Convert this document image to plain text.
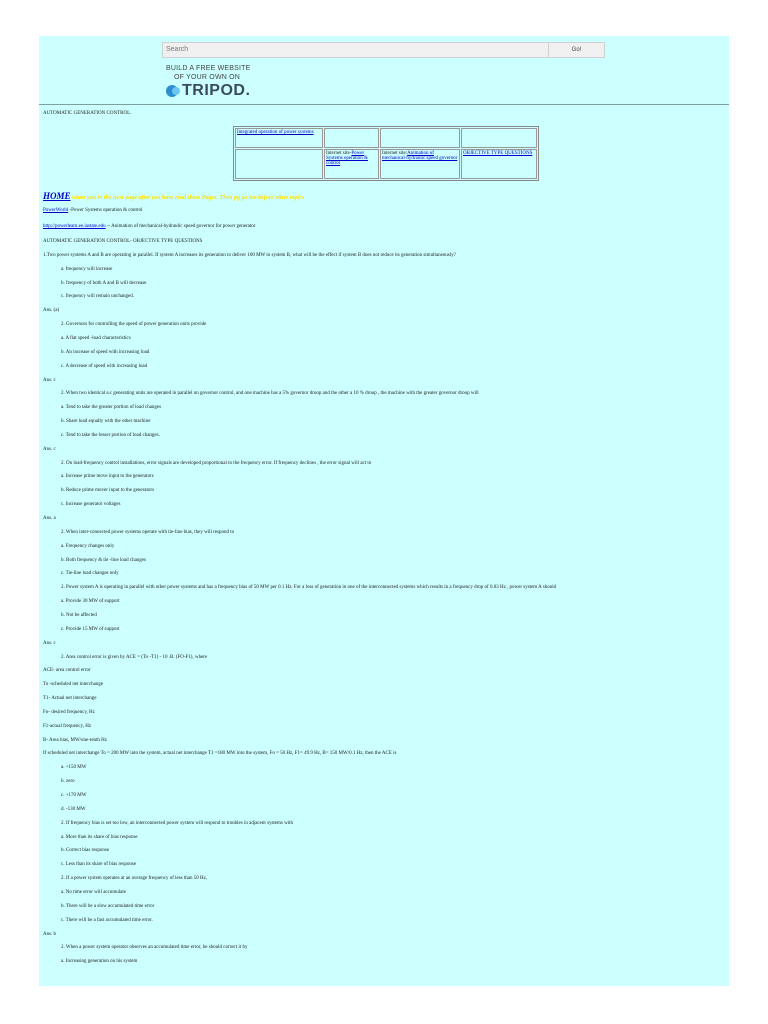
Search	Go!
BUILD A FREE WEBSITE
OF YOUR OWN ON
TRIPOD.
AUTOMATIC GENERATION CONTROL.
Integrated operation of power systems			
	Internet site-Power Systems operation & control	Internet site:Animation of mechanical-hydraulic speed governor	OBJECTIVE TYPE QUESTIONS
HOME when you in the next page after you have read these Pages. Then pg go too before other topics
PowerWorld -Power Systems operation & control
http://powerlearn.ee.iastate.edu -- Animation of mechanical-hydraulic speed governor for power generator
AUTOMATIC GENERATION CONTROL- OBJECTIVE TYPE QUESTIONS
1.Two power systems A and B are operating in parallel. If system A increases its generation to deliver 100 MW to system B, what will be the effect if system B does not reduce its generation simultaneously?
a. frequency will increase
b. frequency of both A and B will decrease
c. frequency will remain unchanged.
Ans. (a)
2. Governors for controlling the speed of power generation units provide
a. A flat speed -load characteristics
b. An increase of speed with increasing load
c. A decrease of speed with increasing load
Ans. c
2. When two identical a.c generating units are operated in parallel on governor control, and one machine has a 5% governor droop and the other a 10 % droop , the machine with the greater governor droop will
a. Tend to take the greater portion of load changes
b. Share load equally with the other machine
c. Tend to take the lesser portion of load changes.
Ans. c
2. On load-frequency control installations, error signals are developed proportional to the frequency error. If frequency declines , the error signal will act to
a. Increase prime move input to the generators
b. Reduce prime mover input to the generators
c. Increase generator voltages
Ans. a
2. When inter-connected power systems operate with tie-line bias, they will respond to
a. Frequency changes only
b. Both frequency & tie -line load changes
c. Tie-line load changes only
2. Power system A is operating in parallel with other power systems and has a frequency bias of 50 MW per 0.1 Hz. For a loss of generation in one of the interconnected systems which results in a frequency drop of 0.03 Hz , power system A should
a. Provide 30 MW of support
b. Not be affected
c. Provide 15 MW of support
Ans. c
2. Area control error is given by ACE = (To -T1) - 10 .B. (FO-F1), where
ACE- area control error
To -scheduled net interchange
T1- Actual net interchange
Fo- desired frequency, Hz
F1-actual frequency, Hz
B- Area bias, MW/one-tenth Hz
If scheduled net interchange To = 200 MW into the system, actual net interchange T1 =180 MW into the system, Fo = 50 Hz, F1= 49.9 Hz, B= 150 MW/0.1 Hz, then the ACE is
a. +150 MW
b. zero
c. +170 MW
d. -130 MW
2. If frequency bias is set too low, an interconnected power system will respond to troubles in adjacent systems with
a. More than its share of bias response
b. Correct bias response
c. Less than its share of bias response
2. If a power system operates at an average frequency of less than 50 Hz,
a. No time error will accumulate
b. There will be a slow accumulated time error
c. There will be a fast accumulated time error.
Ans. b
2. When a power system operator observes an accumulated time error, he should correct it by
a. Increasing generation on his system
